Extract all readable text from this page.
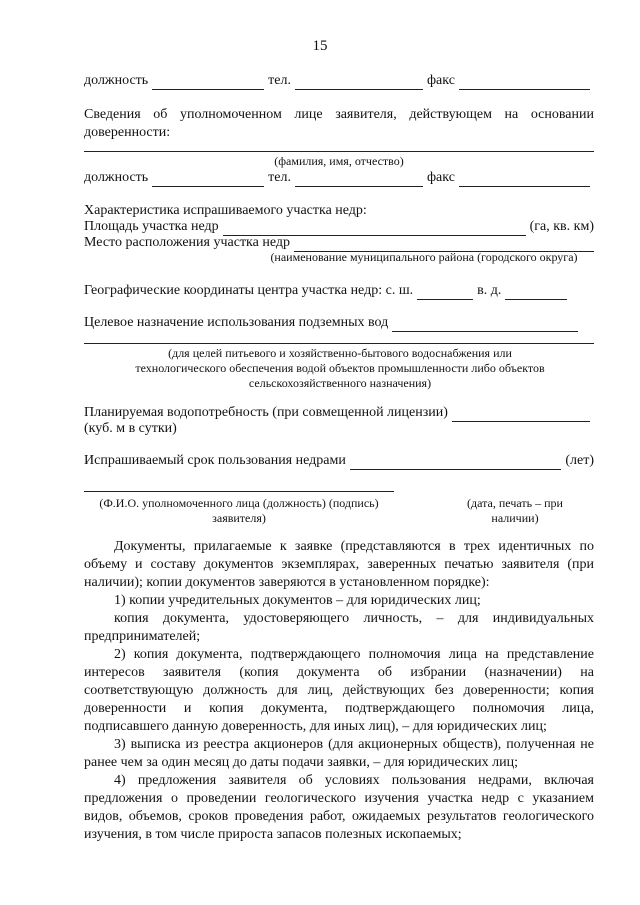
15
должность	тел.	факс
Сведения об уполномоченном лице заявителя, действующем на основании доверенности:
(фамилия, имя, отчество)
должность	тел.	факс
Характеристика испрашиваемого участка недр:
Площадь участка недр	(га, кв. км)
Место расположения участка недр
(наименование муниципального района (городского округа)
Географические координаты центра участка недр: с. ш.	в. д.
Целевое назначение использования подземных вод
(для целей питьевого и хозяйственно-бытового водоснабжения или технологического обеспечения водой объектов промышленности либо объектов сельскохозяйственного назначения)
Планируемая водопотребность (при совмещенной лицензии)
(куб. м в сутки)
Испрашиваемый срок пользования недрами	(лет)
(Ф.И.О. уполномоченного лица (должность) (подпись) заявителя)
(дата, печать – при наличии)

Документы, прилагаемые к заявке (представляются в трех идентичных по объему и составу документов экземплярах, заверенных печатью заявителя (при наличии); копии документов заверяются в установленном порядке):

1) копии учредительных документов – для юридических лиц;

копия документа, удостоверяющего личность, – для индивидуальных предпринимателей;

2) копия документа, подтверждающего полномочия лица на представление интересов заявителя (копия документа об избрании (назначении) на соответствующую должность для лиц, действующих без доверенности; копия доверенности и копия документа, подтверждающего полномочия лица, подписавшего данную доверенность, для иных лиц), – для юридических лиц;

3) выписка из реестра акционеров (для акционерных обществ), полученная не ранее чем за один месяц до даты подачи заявки, – для юридических лиц;

4) предложения заявителя об условиях пользования недрами, включая предложения о проведении геологического изучения участка недр с указанием видов, объемов, сроков проведения работ, ожидаемых результатов геологического изучения, в том числе прироста запасов полезных ископаемых;
